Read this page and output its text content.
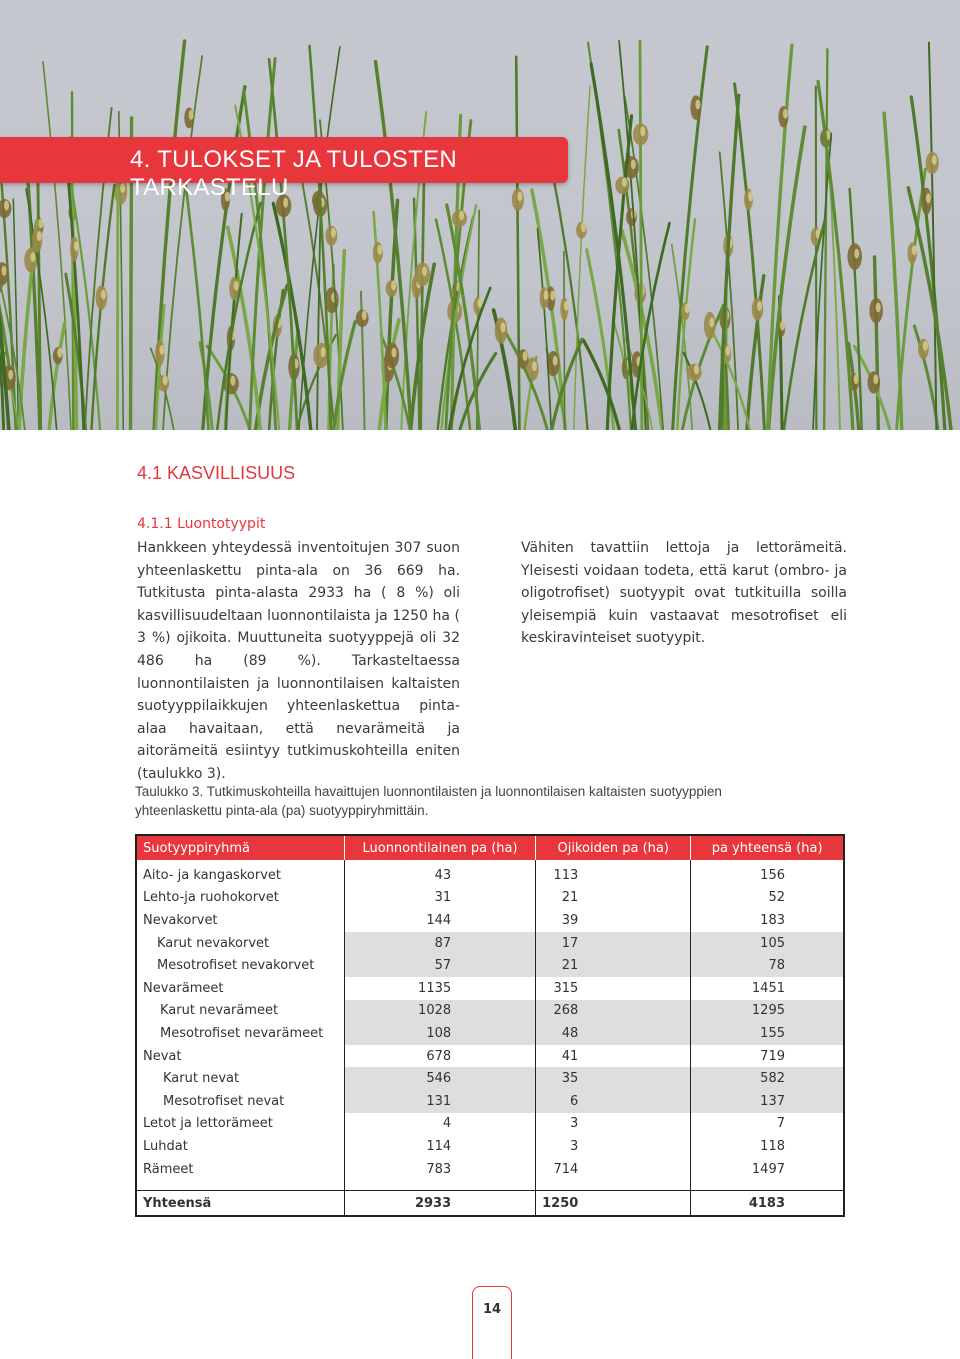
4. TULOKSET JA TULOSTEN TARKASTELU
4.1 KASVILLISUUS
4.1.1 Luontotyypit
Hankkeen yhteydessä inventoitujen 307 suon yhteenlaskettu pinta-ala on 36 669 ha. Tutkitusta pinta-alasta 2933 ha ( 8 %) oli kasvillisuudeltaan luonnontilaista ja 1250 ha ( 3 %) ojikoita. Muuttuneita suotyyppejä oli 32 486 ha (89 %). Tarkasteltaessa luonnontilaisten ja luonnontilaisen kaltaisten suotyyppilaikkujen yhteenlaskettua pinta-alaa havaitaan, että nevarämeitä ja aitorämeitä esiintyy tutkimuskohteilla eniten (taulukko 3).
Vähiten tavattiin lettoja ja lettorämeitä. Yleisesti voidaan todeta, että karut (ombro- ja oligotrofiset) suotyypit ovat tutkituilla soilla yleisempiä kuin vastaavat mesotrofiset eli keskiravinteiset suotyypit.
Taulukko 3. Tutkimuskohteilla havaittujen luonnontilaisten ja luonnontilaisen kaltaisten suotyyppien yhteenlaskettu pinta-ala (pa) suotyyppiryhmittäin.
Suotyyppiryhmä	Luonnontilainen pa (ha)	Ojikoiden pa (ha)	pa yhteensä (ha)
Aito- ja kangaskorvet	43	113	156
Lehto-ja ruohokorvet	31	21	52
Nevakorvet	144	39	183
Karut nevakorvet	87	17	105
Mesotrofiset nevakorvet	57	21	78
Nevarämeet	1135	315	1451
Karut nevarämeet	1028	268	1295
Mesotrofiset nevarämeet	108	48	155
Nevat	678	41	719
Karut nevat	546	35	582
Mesotrofiset nevat	131	6	137
Letot ja lettorämeet	4	3	7
Luhdat	114	3	118
Rämeet	783	714	1497

Yhteensä	2933	1250	4183
14
